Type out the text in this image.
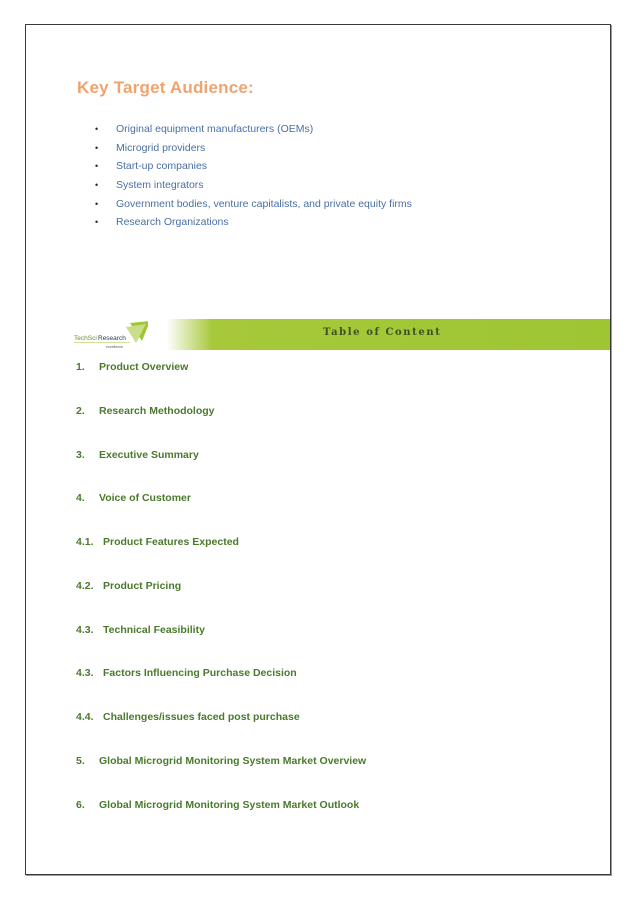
Key Target Audience:
• Original equipment manufacturers (OEMs)
• Microgrid providers
• Start-up companies
• System integrators
• Government bodies, venture capitalists, and private equity firms
• Research Organizations
TechSci Research
excellence
Table of Content
1. Product Overview
2. Research Methodology
3. Executive Summary
4. Voice of Customer
4.1. Product Features Expected
4.2. Product Pricing
4.3. Technical Feasibility
4.3. Factors Influencing Purchase Decision
4.4. Challenges/issues faced post purchase
5. Global Microgrid Monitoring System Market Overview
6. Global Microgrid Monitoring System Market Outlook
